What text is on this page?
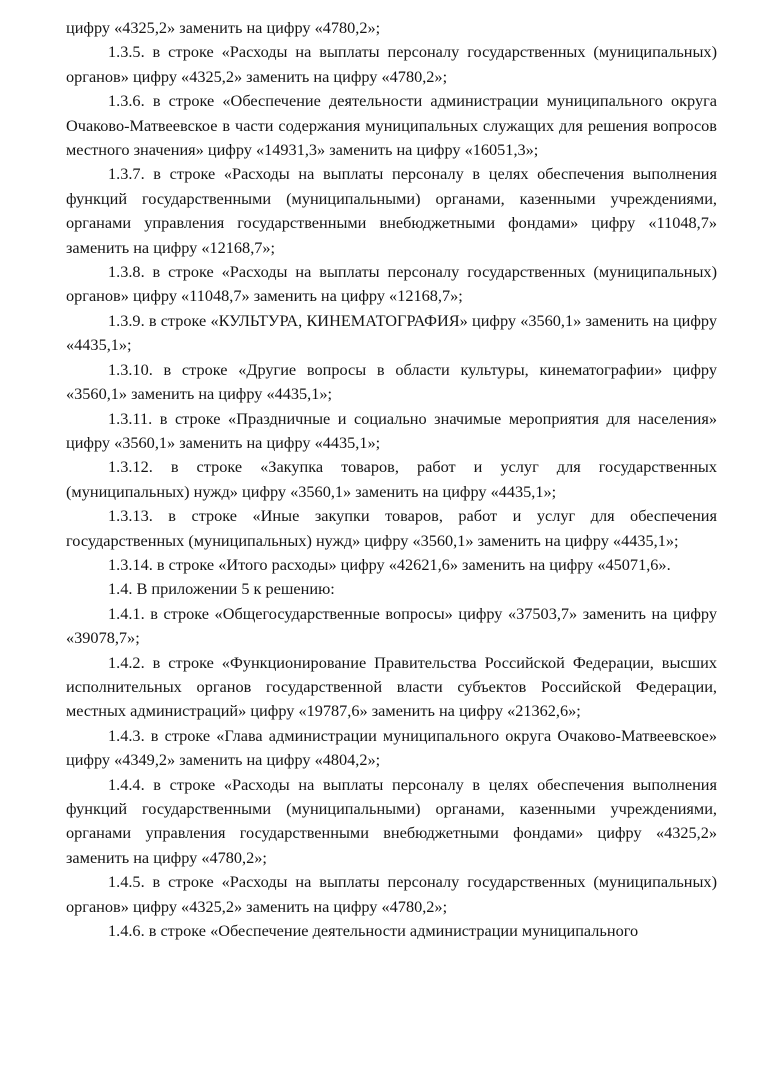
цифру «4325,2» заменить на цифру «4780,2»;

1.3.5. в строке «Расходы на выплаты персоналу государственных (муниципальных) органов» цифру «4325,2» заменить на цифру «4780,2»;

1.3.6. в строке «Обеспечение деятельности администрации муниципального округа Очаково-Матвеевское в части содержания муниципальных служащих для решения вопросов местного значения» цифру «14931,3» заменить на цифру «16051,3»;

1.3.7. в строке «Расходы на выплаты персоналу в целях обеспечения выполнения функций государственными (муниципальными) органами, казенными учреждениями, органами управления государственными внебюджетными фондами» цифру «11048,7» заменить на цифру «12168,7»;

1.3.8. в строке «Расходы на выплаты персоналу государственных (муниципальных) органов» цифру «11048,7» заменить на цифру «12168,7»;

1.3.9. в строке «КУЛЬТУРА, КИНЕМАТОГРАФИЯ» цифру «3560,1» заменить на цифру «4435,1»;

1.3.10. в строке «Другие вопросы в области культуры, кинематографии» цифру «3560,1» заменить на цифру «4435,1»;

1.3.11. в строке «Праздничные и социально значимые мероприятия для населения» цифру «3560,1» заменить на цифру «4435,1»;

1.3.12. в строке «Закупка товаров, работ и услуг для государственных (муниципальных) нужд» цифру «3560,1» заменить на цифру «4435,1»;

1.3.13. в строке «Иные закупки товаров, работ и услуг для обеспечения государственных (муниципальных) нужд» цифру «3560,1» заменить на цифру «4435,1»;

1.3.14. в строке «Итого расходы» цифру «42621,6» заменить на цифру «45071,6».

1.4. В приложении 5 к решению:

1.4.1. в строке «Общегосударственные вопросы» цифру «37503,7» заменить на цифру «39078,7»;

1.4.2. в строке «Функционирование Правительства Российской Федерации, высших исполнительных органов государственной власти субъектов Российской Федерации, местных администраций» цифру «19787,6» заменить на цифру «21362,6»;

1.4.3. в строке «Глава администрации муниципального округа Очаково-Матвеевское» цифру «4349,2» заменить на цифру «4804,2»;

1.4.4. в строке «Расходы на выплаты персоналу в целях обеспечения выполнения функций государственными (муниципальными) органами, казенными учреждениями, органами управления государственными внебюджетными фондами» цифру «4325,2» заменить на цифру «4780,2»;

1.4.5. в строке «Расходы на выплаты персоналу государственных (муниципальных) органов» цифру «4325,2» заменить на цифру «4780,2»;

1.4.6. в строке «Обеспечение деятельности администрации муниципального
